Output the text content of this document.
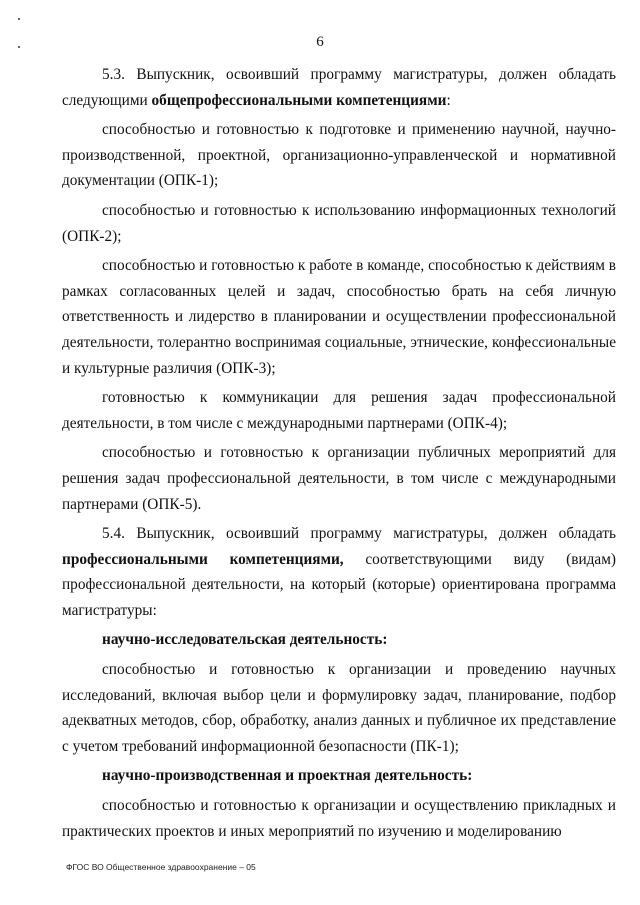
6

5.3. Выпускник, освоивший программу магистратуры, должен обладать следующими общепрофессиональными компетенциями:

способностью и готовностью к подготовке и применению научной, научно-производственной, проектной, организационно-управленческой и нормативной документации (ОПК-1);

способностью и готовностью к использованию информационных технологий (ОПК-2);

способностью и готовностью к работе в команде, способностью к действиям в рамках согласованных целей и задач, способностью брать на себя личную ответственность и лидерство в планировании и осуществлении профессиональной деятельности, толерантно воспринимая социальные, этнические, конфессиональные и культурные различия (ОПК-3);

готовностью к коммуникации для решения задач профессиональной деятельности, в том числе с международными партнерами (ОПК-4);

способностью и готовностью к организации публичных мероприятий для решения задач профессиональной деятельности, в том числе с международными партнерами (ОПК-5).

5.4. Выпускник, освоивший программу магистратуры, должен обладать профессиональными компетенциями, соответствующими виду (видам) профессиональной деятельности, на который (которые) ориентирована программа магистратуры:

научно-исследовательская деятельность:

способностью и готовностью к организации и проведению научных исследований, включая выбор цели и формулировку задач, планирование, подбор адекватных методов, сбор, обработку, анализ данных и публичное их представление с учетом требований информационной безопасности (ПК-1);

научно-производственная и проектная деятельность:

способностью и готовностью к организации и осуществлению прикладных и практических проектов и иных мероприятий по изучению и моделированию

ФГОС ВО Общественное здравоохранение – 05
